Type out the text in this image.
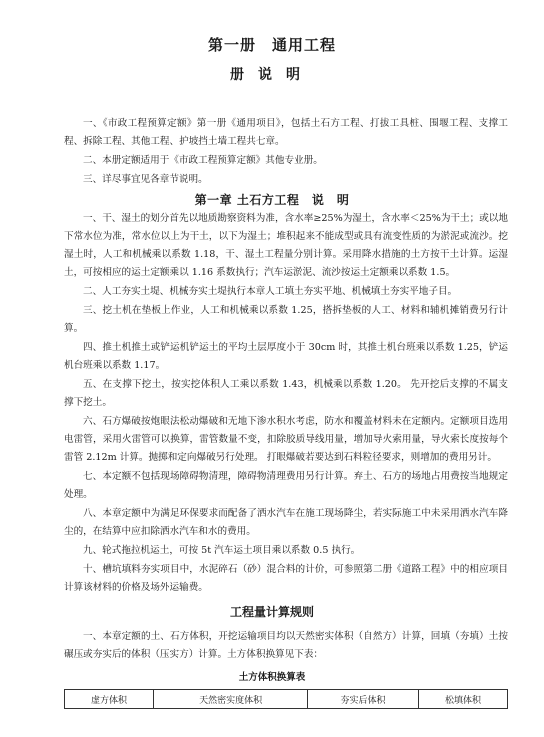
第一册　通用工程
册说明

一、《市政工程预算定额》第一册《通用项目》，包括土石方工程、打拔工具桩、围堰工程、支撑工程、拆除工程、其他工程、护坡挡土墙工程共七章。

二、本册定额适用于《市政工程预算定额》其他专业册。

三、详尽事宜见各章节说明。

第一章 土石方工程　说　明

一、干、湿土的划分首先以地质勘察资料为准，含水率≥25%为湿土，含水率＜25%为干土；或以地下常水位为准，常水位以上为干土，以下为湿土；堆积起来不能成型或具有流变性质的为淤泥或流沙。挖湿土时，人工和机械乘以系数 1.18，干、湿土工程量分别计算。采用降水措施的土方按干土计算。运湿土，可按相应的运土定额乘以 1.16 系数执行；汽车运淤泥、流沙按运土定额乘以系数 1.5。

二、人工夯实土堤、机械夯实土堤执行本章人工填土夯实平地、机械填土夯实平地子目。

三、挖土机在垫板上作业，人工和机械乘以系数 1.25，搭拆垫板的人工、材料和辅机摊销费另行计算。

四、推土机推土或铲运机铲运土的平均土层厚度小于 30cm 时，其推土机台班乘以系数 1.25，铲运机台班乘以系数 1.17。

五、在支撑下挖土，按实挖体积人工乘以系数 1.43，机械乘以系数 1.20。 先开挖后支撑的不属支撑下挖土。

六、石方爆破按炮眼法松动爆破和无地下渗水积水考虑，防水和覆盖材料未在定额内。定额项目选用电雷管，采用火雷管可以换算，雷管数量不变，扣除胶质导线用量，增加导火索用量，导火索长度按每个雷管 2.12m 计算。抛掷和定向爆破另行处理。 打眼爆破若要达到石料粒径要求，则增加的费用另计。

七、本定额不包括现场障碍物清理，障碍物清理费用另行计算。弃土、石方的场地占用费按当地规定处理。

八、本章定额中为满足环保要求而配备了洒水汽车在施工现场降尘，若实际施工中未采用洒水汽车降尘的，在结算中应扣除洒水汽车和水的费用。

九、轮式拖拉机运土，可按 5t 汽车运土项目乘以系数 0.5 执行。

十、槽坑填料夯实项目中，水泥碎石（砂）混合料的计价，可参照第二册《道路工程》中的相应项目计算该材料的价格及场外运输费。

工程量计算规则

一、本章定额的土、石方体积，开挖运输项目均以天然密实体积（自然方）计算，回填（夯填）土按碾压或夯实后的体积（压实方）计算。土方体积换算见下表：

土方体积换算表
虚方体积	天然密实度体积	夯实后体积	松填体积
